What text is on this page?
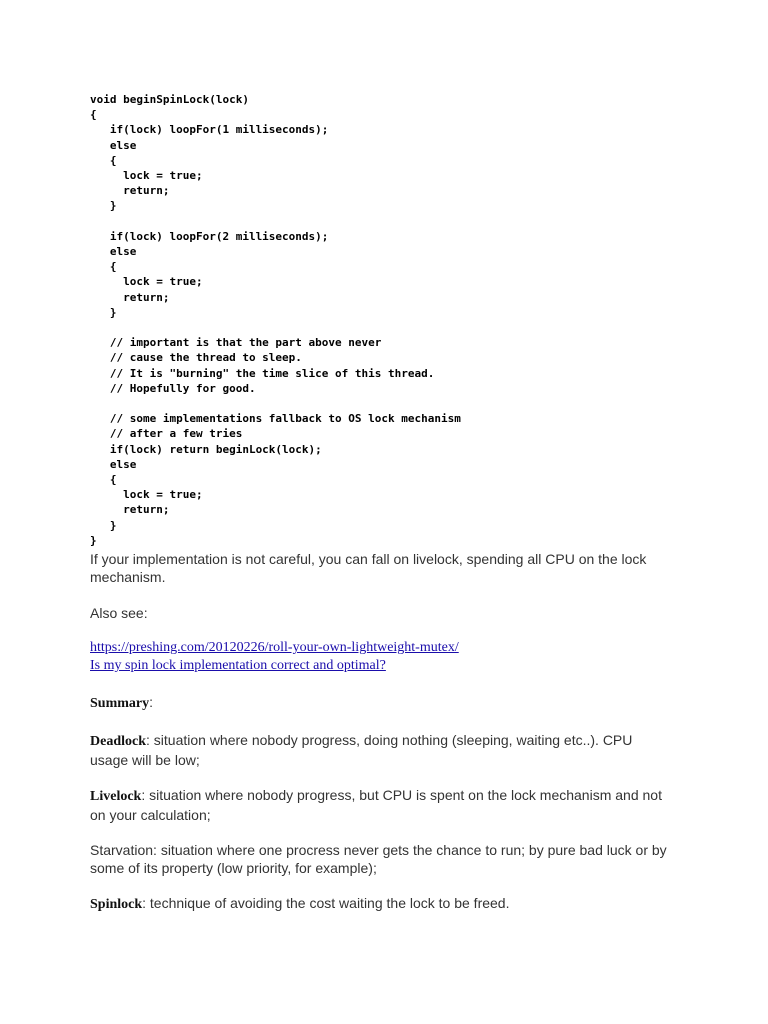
void beginSpinLock(lock)
{
if(lock) loopFor(1 milliseconds);
else
{
lock = true;
return;
}

if(lock) loopFor(2 milliseconds);
else
{
lock = true;
return;
}

// important is that the part above never
// cause the thread to sleep.
// It is "burning" the time slice of this thread.
// Hopefully for good.

// some implementations fallback to OS lock mechanism
// after a few tries
if(lock) return beginLock(lock);
else
{
lock = true;
return;
}
}

If your implementation is not careful, you can fall on livelock, spending all CPU on the lock mechanism.

Also see:

https://preshing.com/20120226/roll-your-own-lightweight-mutex/
Is my spin lock implementation correct and optimal?

Summary:

Deadlock: situation where nobody progress, doing nothing (sleeping, waiting etc..). CPU usage will be low;

Livelock: situation where nobody progress, but CPU is spent on the lock mechanism and not on your calculation;

Starvation: situation where one procress never gets the chance to run; by pure bad luck or by some of its property (low priority, for example);

Spinlock: technique of avoiding the cost waiting the lock to be freed.
